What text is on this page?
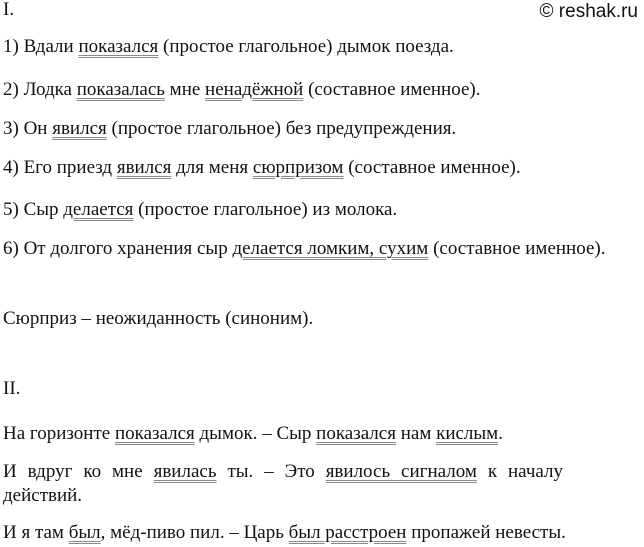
© reshak.ru
I.
1) Вдали показался (простое глагольное) дымок поезда.
2) Лодка показалась мне ненадёжной (составное именное).
3) Он явился (простое глагольное) без предупреждения.
4) Его приезд явился для меня сюрпризом (составное именное).
5) Сыр делается (простое глагольное) из молока.
6) От долгого хранения сыр делается ломким, сухим (составное именное).
Сюрприз – неожиданность (синоним).
II.
На горизонте показался дымок. – Сыр показался нам кислым.
И вдруг ко мне явилась ты. – Это явилось сигналом к началу действий.
И я там был, мёд-пиво пил. – Царь был расстроен пропажей невесты.
